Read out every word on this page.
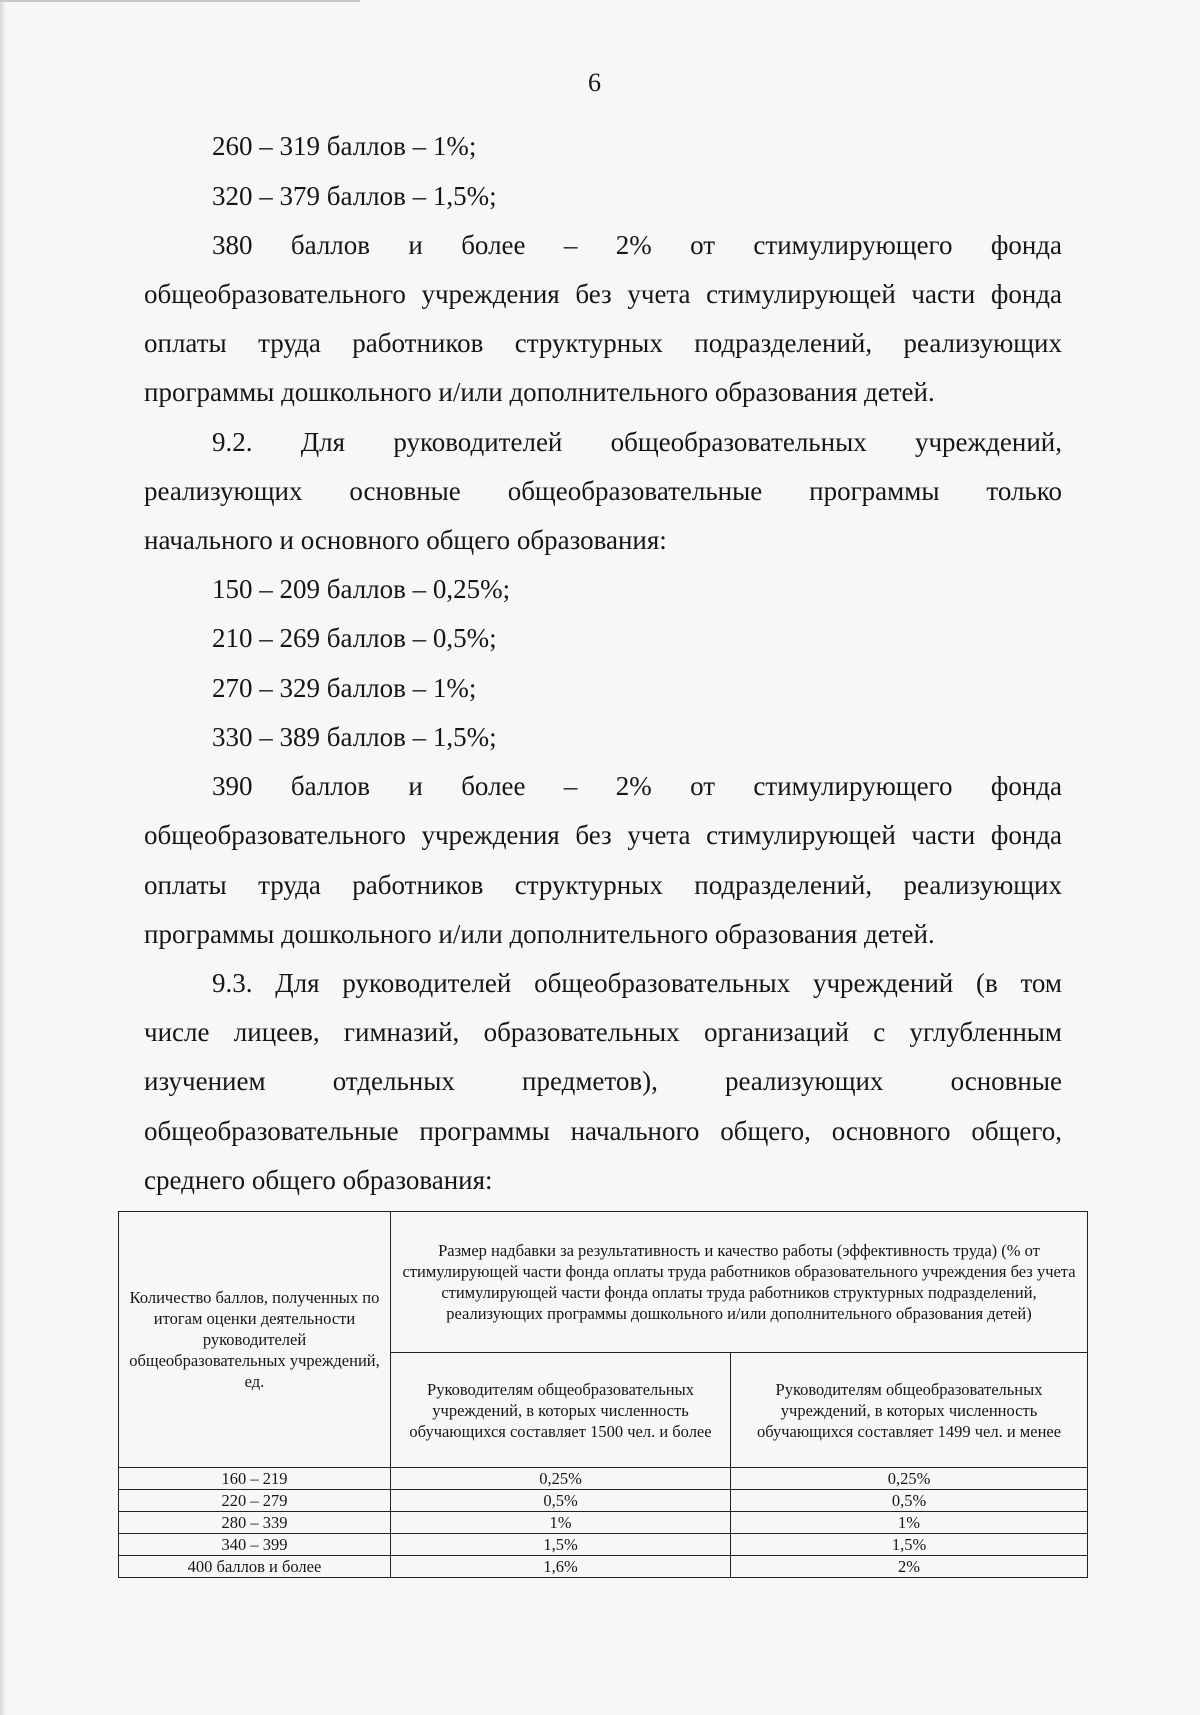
6
260 – 319 баллов – 1%;
320 – 379 баллов – 1,5%;
380 баллов и более – 2% от стимулирующего фонда
общеобразовательного учреждения без учета стимулирующей части фонда
оплаты труда работников структурных подразделений, реализующих
программы дошкольного и/или дополнительного образования детей.
9.2. Для руководителей общеобразовательных учреждений,
реализующих основные общеобразовательные программы только
начального и основного общего образования:
150 – 209 баллов – 0,25%;
210 – 269 баллов – 0,5%;
270 – 329 баллов – 1%;
330 – 389 баллов – 1,5%;
390 баллов и более – 2% от стимулирующего фонда
общеобразовательного учреждения без учета стимулирующей части фонда
оплаты труда работников структурных подразделений, реализующих
программы дошкольного и/или дополнительного образования детей.
9.3. Для руководителей общеобразовательных учреждений (в том
числе лицеев, гимназий, образовательных организаций с углубленным
изучением отдельных предметов), реализующих основные
общеобразовательные программы начального общего, основного общего,
среднего общего образования:
Количество баллов, полученных по итогам оценки деятельности руководителей общеобразовательных учреждений, ед.	Размер надбавки за результативность и качество работы (эффективность труда) (% от стимулирующей части фонда оплаты труда работников образовательного учреждения без учета стимулирующей части фонда оплаты труда работников структурных подразделений, реализующих программы дошкольного и/или дополнительного образования детей)	
	Руководителям общеобразовательных учреждений, в которых численность обучающихся составляет 1500 чел. и более	Руководителям общеобразовательных учреждений, в которых численность обучающихся составляет 1499 чел. и менее
160 – 219	0,25%	0,25%
220 – 279	0,5%	0,5%
280 – 339	1%	1%
340 – 399	1,5%	1,5%
400 баллов и более	1,6%	2%
